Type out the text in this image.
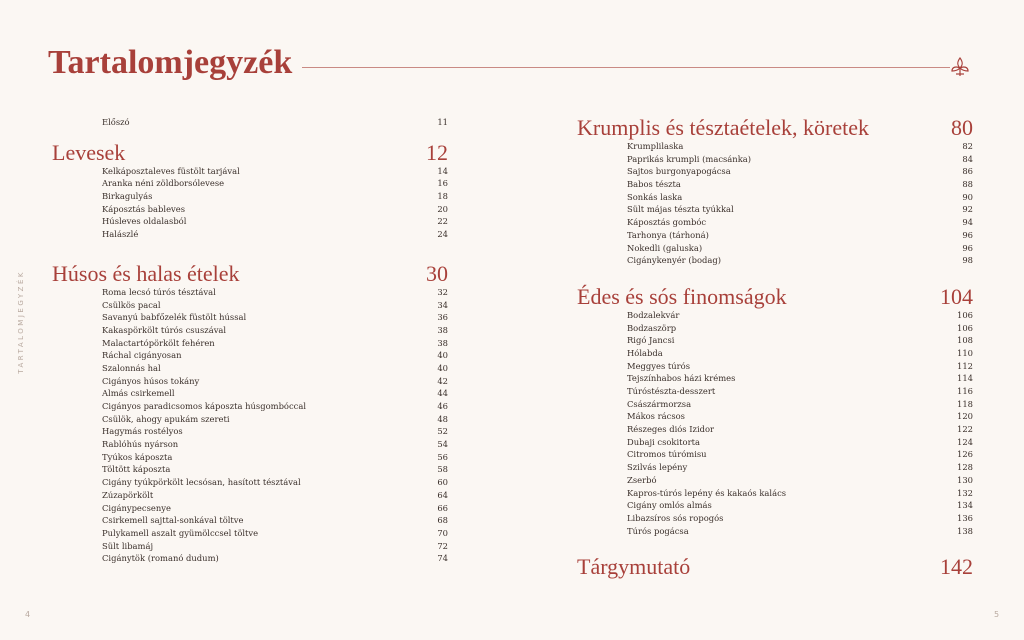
Tartalomjegyzék
TARTALOMJEGYZÉK
Előszó	11
Levesek	12
Kelkáposztaleves füstölt tarjával	14
Aranka néni zöldborsólevese	16
Birkagulyás	18
Káposztás bableves	20
Húsleves oldalasból	22
Halászlé	24
Húsos és halas ételek	30
Roma lecsó túrós tésztával	32
Csülkös pacal	34
Savanyú babfőzelék füstölt hússal	36
Kakaspörkölt túrós csuszával	38
Malactartópörkölt fehéren	38
Ráchal cigányosan	40
Szalonnás hal	40
Cigányos húsos tokány	42
Almás csirkemell	44
Cigányos paradicsomos káposzta húsgombóccal	46
Csülök, ahogy apukám szereti	48
Hagymás rostélyos	52
Rablóhús nyárson	54
Tyúkos káposzta	56
Töltött káposzta	58
Cigány tyúkpörkölt lecsósan, hasított tésztával	60
Zúzapörkölt	64
Cigánypecsenye	66
Csirkemell sajttal-sonkával töltve	68
Pulykamell aszalt gyümölccsel töltve	70
Sült libamáj	72
Cigánytök (romanó dudum)	74
Krumplis és tésztaételek, köretek	80
Krumplilaska	82
Paprikás krumpli (macsánka)	84
Sajtos burgonyapogácsa	86
Babos tészta	88
Sonkás laska	90
Sült májas tészta tyúkkal	92
Káposztás gombóc	94
Tarhonya (tárhoná)	96
Nokedli (galuska)	96
Cigánykenyér (bodag)	98
Édes és sós finomságok	104
Bodzalekvár	106
Bodzaszörp	106
Rigó Jancsi	108
Hólabda	110
Meggyes túrós	112
Tejszínhabos házi krémes	114
Túróstészta-desszert	116
Császármorzsa	118
Mákos rácsos	120
Részeges diós Izidor	122
Dubaji csokitorta	124
Citromos túrómisu	126
Szilvás lepény	128
Zserbó	130
Kapros-túrós lepény és kakaós kalács	132
Cigány omlós almás	134
Libazsíros sós ropogós	136
Túrós pogácsa	138
Tárgymutató	142
4	5
